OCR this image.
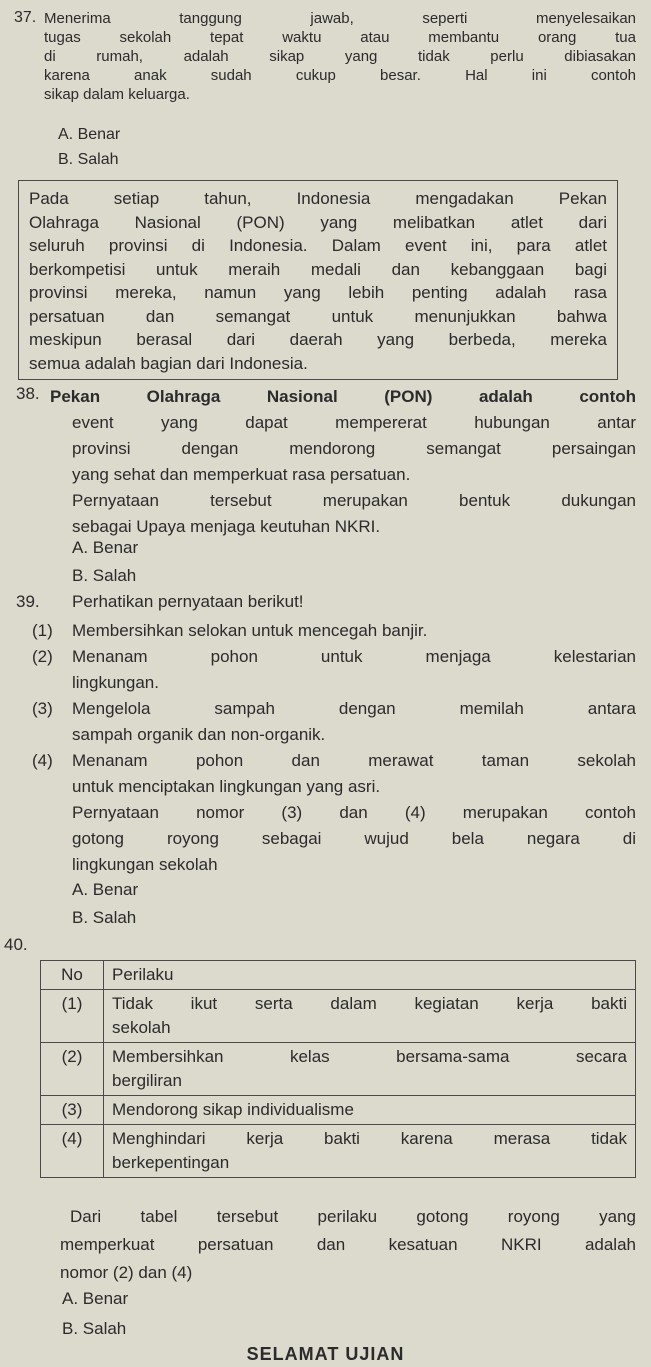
37. Menerima tanggung jawab, seperti menyelesaikan
tugas sekolah tepat waktu atau membantu orang tua
di rumah, adalah sikap yang tidak perlu dibiasakan
karena anak sudah cukup besar. Hal ini contoh
sikap dalam keluarga.
A. Benar
B. Salah
Pada setiap tahun, Indonesia mengadakan Pekan
Olahraga Nasional (PON) yang melibatkan atlet dari
seluruh provinsi di Indonesia. Dalam event ini, para atlet
berkompetisi untuk meraih medali dan kebanggaan bagi
provinsi mereka, namun yang lebih penting adalah rasa
persatuan dan semangat untuk menunjukkan bahwa
meskipun berasal dari daerah yang berbeda, mereka
semua adalah bagian dari Indonesia.
38. Pekan Olahraga Nasional (PON) adalah contoh
event yang dapat mempererat hubungan antar
provinsi dengan mendorong semangat persaingan
yang sehat dan memperkuat rasa persatuan.
Pernyataan tersebut merupakan bentuk dukungan
sebagai Upaya menjaga keutuhan NKRI.
A. Benar
B. Salah
39. Perhatikan pernyataan berikut!
(1)	Membersihkan selokan untuk mencegah banjir.
(2)	Menanam pohon untuk menjaga kelestarian
lingkungan.
(3)	Mengelola sampah dengan memilah antara
sampah organik dan non-organik.
(4)	Menanam pohon dan merawat taman sekolah
untuk menciptakan lingkungan yang asri.
Pernyataan nomor (3) dan (4) merupakan contoh
gotong royong sebagai wujud bela negara di
lingkungan sekolah
A. Benar
B. Salah
40.
No	Perilaku
(1)	Tidak ikut serta dalam kegiatan kerja bakti
sekolah

(2)	Membersihkan kelas bersama-sama secara
bergiliran

(3)	Mendorong sikap individualisme

(4)	Menghindari kerja bakti karena merasa tidak
berkepentingan
Dari tabel tersebut perilaku gotong royong yang
memperkuat persatuan dan kesatuan NKRI adalah
nomor (2) dan (4)
A. Benar
B. Salah
SELAMAT UJIAN
